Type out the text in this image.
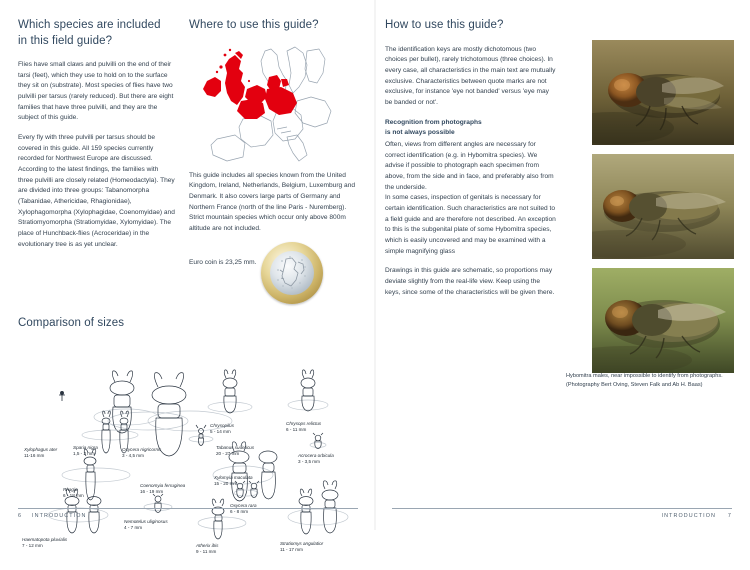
Which species are included
in this field guide?

Flies have small claws and pulvilli on the end of their tarsi (feet), which they use to hold on to the surface they sit on (substrate). Most species of flies have two pulvilli per tarsus (rarely reduced). But there are eight families that have three pulvilli, and they are the subject of this guide.

Every fly with three pulvilli per tarsus should be covered in this guide. All 159 species currently recorded for Northwest Europe are discussed. According to the latest findings, the families with three pulvilli are closely related (Homeodactyla). They are divided into three groups: Tabanomorpha (Tabanidae, Athericidae, Rhagionidae), Xylophagomorpha (Xylophagidae, Coenomyidae) and Stratiomyomorpha (Stratiomyidae, Xylomyidae). The place of Hunchback-flies (Acroceridae) in the evolutionary tree is as yet unclear.

Where to use this guide?

This guide includes all species known from the United Kingdom, Ireland, Netherlands, Belgium, Luxemburg and Denmark. It also covers large parts of Germany and Northern France (north of the line Paris - Nuremberg). Strict mountain species which occur only above 800m altitude are not included.

Euro coin is 23,25 mm.

Comparison of sizes
Sparia nigra
1,5 - 2 mm
Tabanus sudeticus
20 - 27 mm
Chrysopilus
5 - 14 mm
Chrysops relictus
6 - 11 mm
Xylophagus ater
11-16 mm
Oxycera nigricornis
3 - 4,5 mm
Xylomyia maculata
15 - 20 mm
Acrocera orbicula
3 - 3,5 mm
Rhagio
6 - 18 mm
Coenomyia ferruginea
16 - 19 mm
Haematopota pluvialis
7 - 12 mm
Nemotelus uliginosus
4 - 7 mm
Atherix ibis
9 - 11 mm
Oxycera rara
6 - 8 mm
Stratiomys angulatior
11 - 17 mm
How to use this guide?

The identification keys are mostly dichotomous (two choices per bullet), rarely trichotomous (three choices). In every case, all characteristics in the main text are mutually exclusive. Characteristics between quote marks are not exclusive, for instance 'eye not banded' versus 'eye may be banded or not'.

Recognition from photographs

is not always possible

Often, views from different angles are necessary for correct identification (e.g. in Hybomitra species). We advise if possible to photograph each specimen from above, from the side and in face, and preferably also from the underside.

In some cases, inspection of genitals is necessary for certain identification. Such characteristics are not suited to a field guide and are therefore not described. An exception to this is the subgenital plate of some Hybomitra species, which is easily uncovered and may be examined with a simple magnifying glass

Drawings in this guide are schematic, so proportions may deviate slightly from the real-life view. Keep using the keys, since some of the characteristics will be given there.

Hybomitra males, near impossible to identify from photographs. (Photography Bert Oving, Steven Falk and Ab H. Baas)
6 INTRODUCTION	INTRODUCTION 7
